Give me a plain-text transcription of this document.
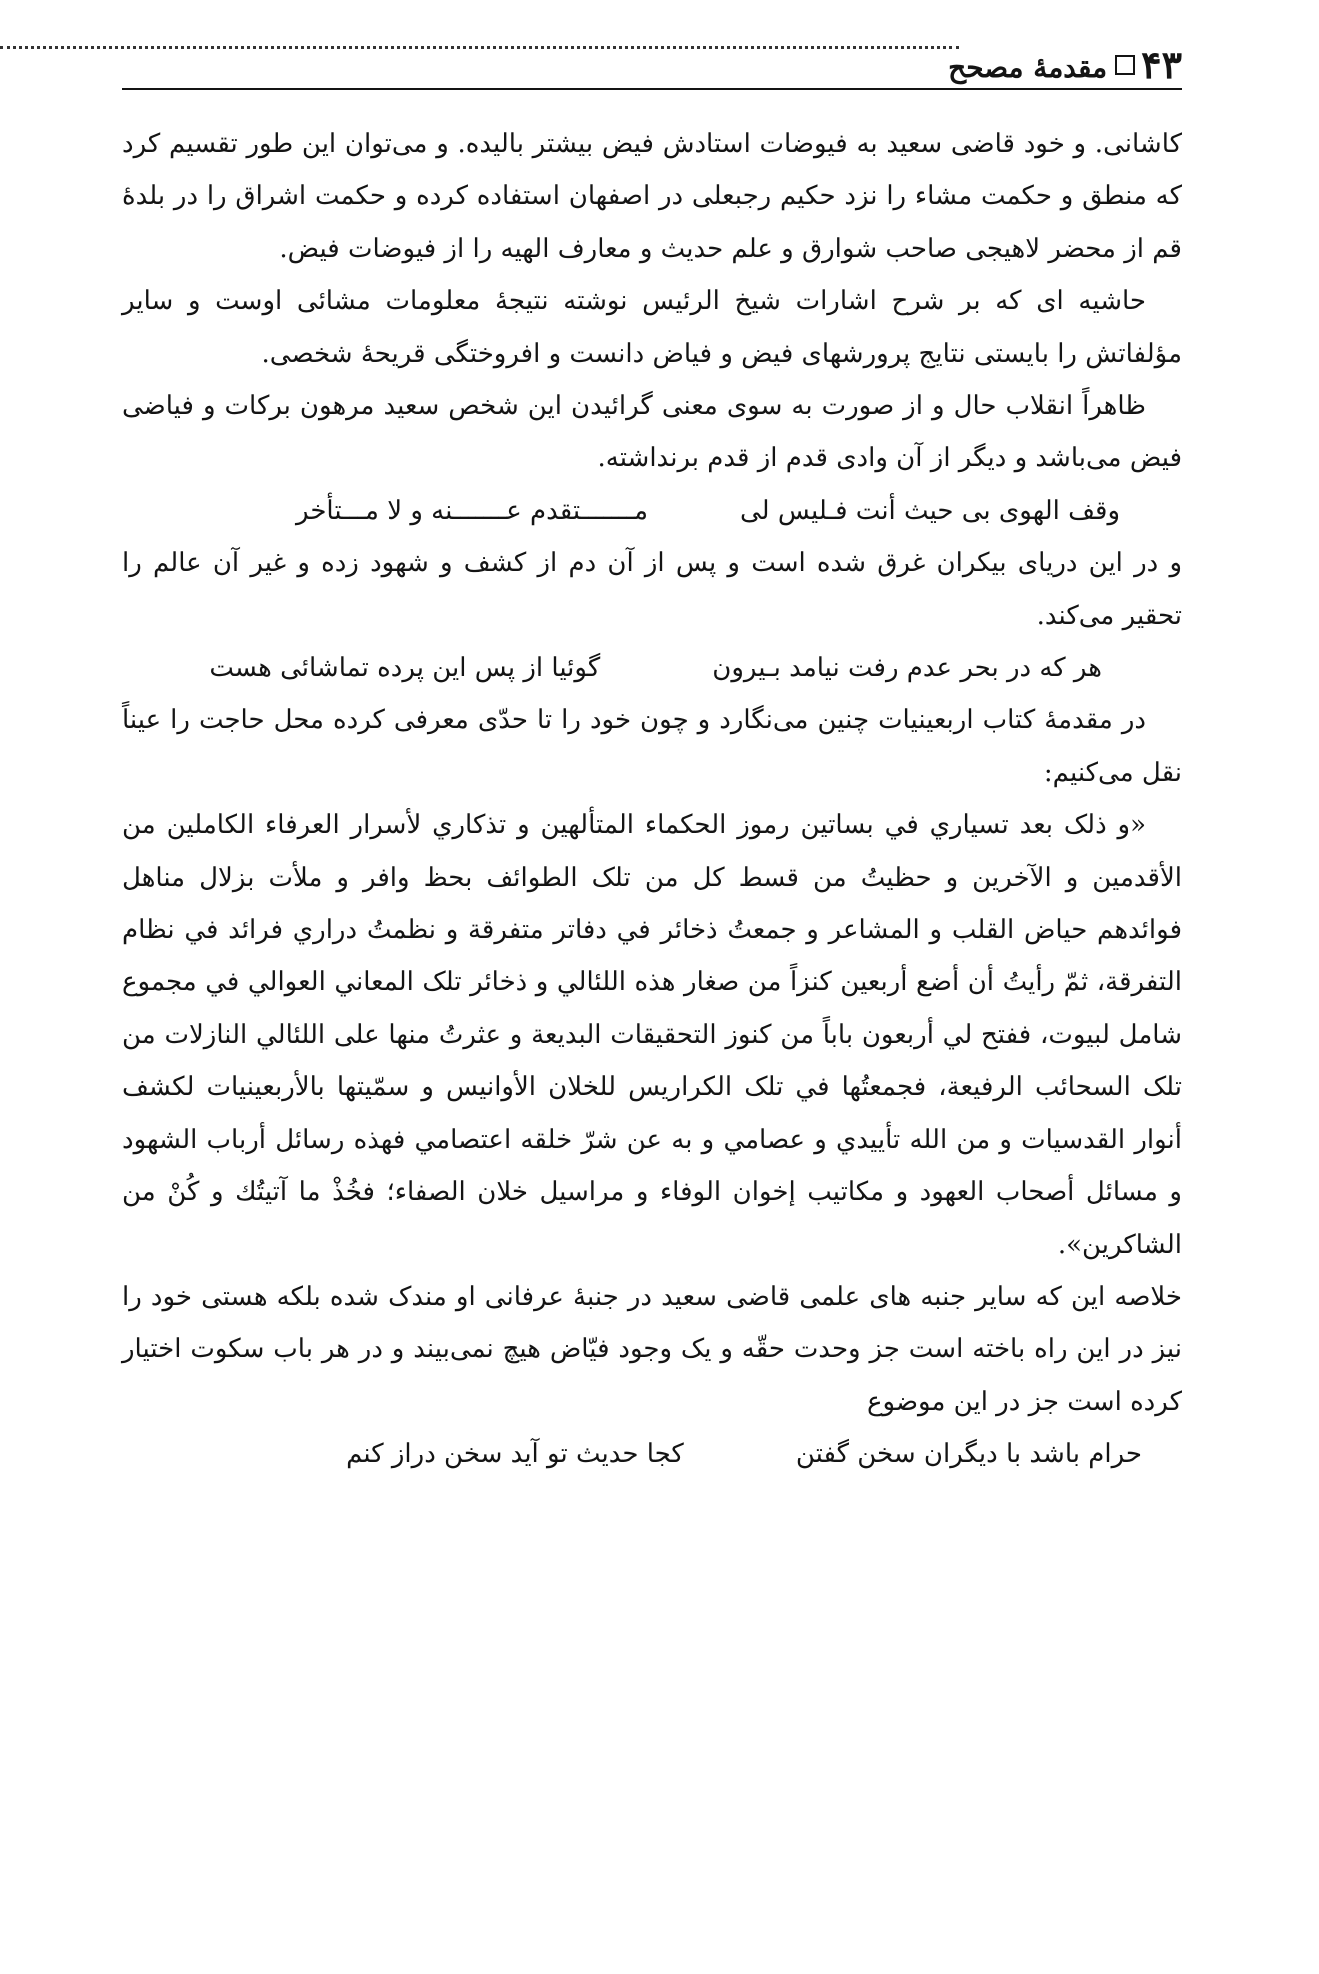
۴۳
مقدمهٔ مصحح

کاشانی. و خود قاضی سعید به فیوضات استادش فیض بیشتر بالیده. و می‌توان این طور تقسیم کرد که منطق و حکمت مشاء را نزد حکیم رجبعلی در اصفهان استفاده کرده و حکمت اشراق را در بلدهٔ قم از محضر لاهیجی صاحب شوارق و علم حدیث و معارف الهیه را از فیوضات فیض.

حاشیه ای که بر شرح اشارات شیخ الرئیس نوشته نتیجهٔ معلومات مشائی اوست و سایر مؤلفاتش را بایستی نتایج پرورشهای فیض و فیاض دانست و افروختگی قریحهٔ شخصی.

ظاهراً انقلاب حال و از صورت به سوی معنی گرائیدن این شخص سعید مرهون برکات و فیاضی فیض می‌باشد و دیگر از آن وادی قدم از قدم برنداشته.

وقف الهوی بی حیث أنت فـلیس لی
مـــــــتقدم عـــــــنه و لا مـــتأخر

و در این دریای بیکران غرق شده است و پس از آن دم از کشف و شهود زده و غیر آن عالم را تحقیر می‌کند.

هر که در بحر عدم رفت نیامد بـیرون
گوئیا از پس این پرده تماشائی هست

در مقدمهٔ کتاب اربعینیات چنین می‌نگارد و چون خود را تا حدّی معرفی کرده محل حاجت را عیناً نقل می‌کنیم:

«و ذلک بعد تسیاري في بساتین رموز الحکماء المتألهین و تذکاري لأسرار العرفاء الکاملین من الأقدمین و الآخرین و حظیتُ من قسط کل من تلک الطوائف بحظ وافر و ملأت بزلال مناهل فوائدهم حیاض القلب و المشاعر و جمعتُ ذخائر في دفاتر متفرقة و نظمتُ دراري فرائد في نظام التفرقة، ثمّ رأیتُ أن أضع أربعین کنزاً من صغار هذه اللئالي و ذخائر تلک المعاني العوالي في مجموع شامل لبیوت، ففتح لي أربعون باباً من کنوز التحقیقات البدیعة و عثرتُ منها علی اللئالي النازلات من تلک السحائب الرفیعة، فجمعتُها في تلک الکراریس للخلان الأوانیس و سمّیتها بالأربعینیات لکشف أنوار القدسیات و من الله تأییدي و عصامي و به عن شرّ خلقه اعتصامي فهذه رسائل أرباب الشهود و مسائل أصحاب العهود و مکاتیب إخوان الوفاء و مراسیل خلان الصفاء؛ فخُذْ ما آتیتُك و کُنْ من الشاکرین».

خلاصه این که سایر جنبه های علمی قاضی سعید در جنبهٔ عرفانی او مندک شده بلکه هستی خود را نیز در این راه باخته است جز وحدت حقّه و یک وجود فیّاض هیچ نمی‌بیند و در هر باب سکوت اختیار کرده است جز در این موضوع

حرام باشد با دیگران سخن گفتن
کجا حدیث تو آید سخن دراز کنم
